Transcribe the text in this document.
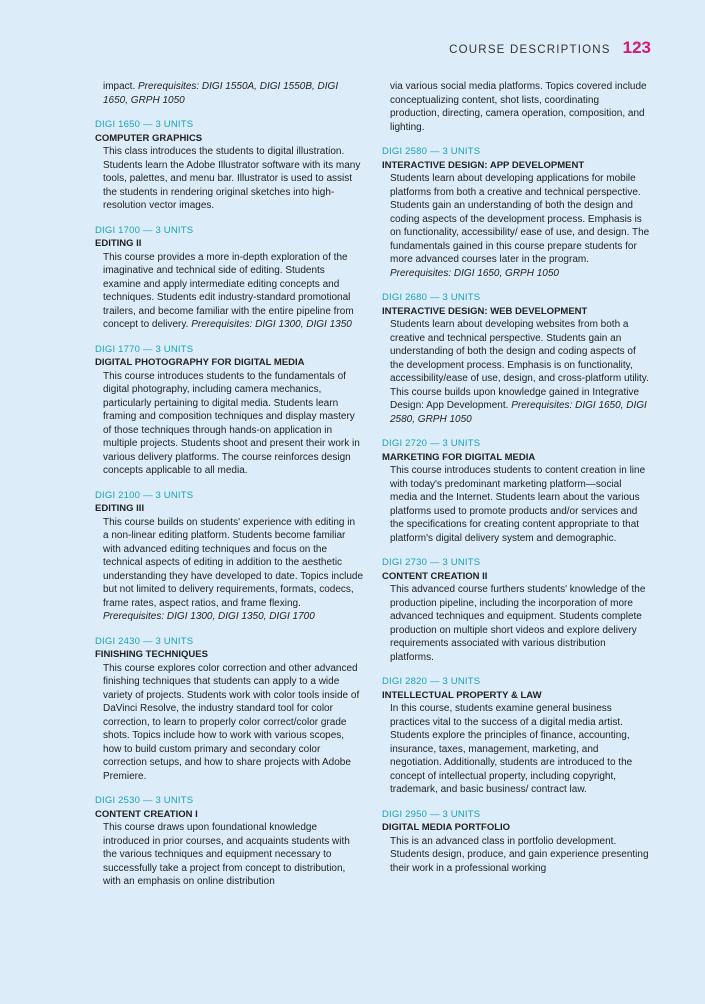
COURSE DESCRIPTIONS 123
impact. Prerequisites: DIGI 1550A, DIGI 1550B, DIGI 1650, GRPH 1050
DIGI 1650 — 3 UNITS
COMPUTER GRAPHICS
This class introduces the students to digital illustration. Students learn the Adobe Illustrator software with its many tools, palettes, and menu bar. Illustrator is used to assist the students in rendering original sketches into high-resolution vector images.
DIGI 1700 — 3 UNITS
EDITING II
This course provides a more in-depth exploration of the imaginative and technical side of editing. Students examine and apply intermediate editing concepts and techniques. Students edit industry-standard promotional trailers, and become familiar with the entire pipeline from concept to delivery. Prerequisites: DIGI 1300, DIGI 1350
DIGI 1770 — 3 UNITS
DIGITAL PHOTOGRAPHY FOR DIGITAL MEDIA
This course introduces students to the fundamentals of digital photography, including camera mechanics, particularly pertaining to digital media. Students learn framing and composition techniques and display mastery of those techniques through hands-on application in multiple projects. Students shoot and present their work in various delivery platforms. The course reinforces design concepts applicable to all media.
DIGI 2100 — 3 UNITS
EDITING III
This course builds on students' experience with editing in a non-linear editing platform. Students become familiar with advanced editing techniques and focus on the technical aspects of editing in addition to the aesthetic understanding they have developed to date. Topics include but not limited to delivery requirements, formats, codecs, frame rates, aspect ratios, and frame flexing. Prerequisites: DIGI 1300, DIGI 1350, DIGI 1700
DIGI 2430 — 3 UNITS
FINISHING TECHNIQUES
This course explores color correction and other advanced finishing techniques that students can apply to a wide variety of projects. Students work with color tools inside of DaVinci Resolve, the industry standard tool for color correction, to learn to properly color correct/color grade shots. Topics include how to work with various scopes, how to build custom primary and secondary color correction setups, and how to share projects with Adobe Premiere.
DIGI 2530 — 3 UNITS
CONTENT CREATION I
This course draws upon foundational knowledge introduced in prior courses, and acquaints students with the various techniques and equipment necessary to successfully take a project from concept to distribution, with an emphasis on online distribution
via various social media platforms. Topics covered include conceptualizing content, shot lists, coordinating production, directing, camera operation, composition, and lighting.
DIGI 2580 — 3 UNITS
INTERACTIVE DESIGN: APP DEVELOPMENT
Students learn about developing applications for mobile platforms from both a creative and technical perspective. Students gain an understanding of both the design and coding aspects of the development process. Emphasis is on functionality, accessibility/ ease of use, and design. The fundamentals gained in this course prepare students for more advanced courses later in the program. Prerequisites: DIGI 1650, GRPH 1050
DIGI 2680 — 3 UNITS
INTERACTIVE DESIGN: WEB DEVELOPMENT
Students learn about developing websites from both a creative and technical perspective. Students gain an understanding of both the design and coding aspects of the development process. Emphasis is on functionality, accessibility/ease of use, design, and cross-platform utility. This course builds upon knowledge gained in Integrative Design: App Development. Prerequisites: DIGI 1650, DIGI 2580, GRPH 1050
DIGI 2720 — 3 UNITS
MARKETING FOR DIGITAL MEDIA
This course introduces students to content creation in line with today's predominant marketing platform—social media and the Internet. Students learn about the various platforms used to promote products and/or services and the specifications for creating content appropriate to that platform's digital delivery system and demographic.
DIGI 2730 — 3 UNITS
CONTENT CREATION II
This advanced course furthers students' knowledge of the production pipeline, including the incorporation of more advanced techniques and equipment. Students complete production on multiple short videos and explore delivery requirements associated with various distribution platforms.
DIGI 2820 — 3 UNITS
INTELLECTUAL PROPERTY & LAW
In this course, students examine general business practices vital to the success of a digital media artist. Students explore the principles of finance, accounting, insurance, taxes, management, marketing, and negotiation. Additionally, students are introduced to the concept of intellectual property, including copyright, trademark, and basic business/ contract law.
DIGI 2950 — 3 UNITS
DIGITAL MEDIA PORTFOLIO
This is an advanced class in portfolio development. Students design, produce, and gain experience presenting their work in a professional working
